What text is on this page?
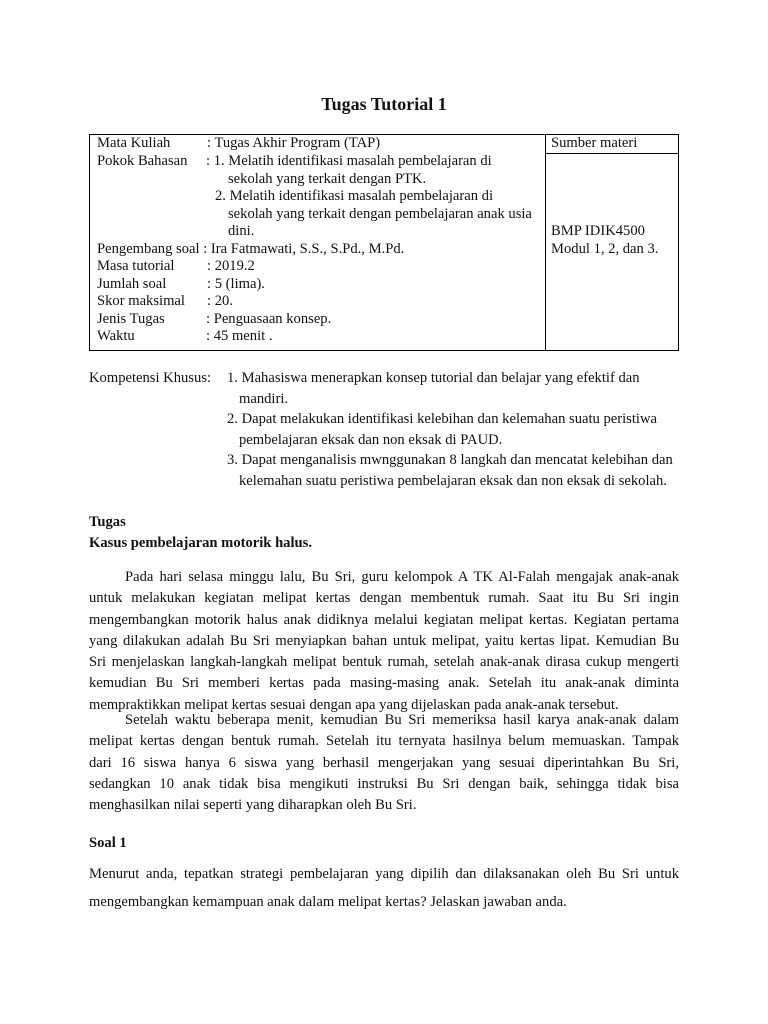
Tugas Tutorial 1
Mata Kuliah	: Tugas Akhir Program (TAP)
Pokok Bahasan : 1. Melatih identifikasi masalah pembelajaran di
sekolah yang terkait dengan PTK.
2. Melatih identifikasi masalah pembelajaran di
sekolah yang terkait dengan pembelajaran anak usia
dini.
Pengembang soal : Ira Fatmawati, S.S., S.Pd., M.Pd.
Masa tutorial : 2019.2
Jumlah soal	: 5 (lima).
Skor maksimal : 20.
Jenis Tugas	: Penguasaan konsep.
Waktu	: 45 menit .
Sumber materi
BMP IDIK4500
Modul 1, 2, dan 3.
Kompetensi Khusus: 1. Mahasiswa menerapkan konsep tutorial dan belajar yang efektif dan
mandiri.
2. Dapat melakukan identifikasi kelebihan dan kelemahan suatu peristiwa
pembelajaran eksak dan non eksak di PAUD.
3. Dapat menganalisis mwnggunakan 8 langkah dan mencatat kelebihan dan
kelemahan suatu peristiwa pembelajaran eksak dan non eksak di sekolah.
Tugas
Kasus pembelajaran motorik halus.
Pada hari selasa minggu lalu, Bu Sri, guru kelompok A TK Al-Falah mengajak anak-anak
untuk melakukan kegiatan melipat kertas dengan membentuk rumah. Saat itu Bu Sri ingin
mengembangkan motorik halus anak didiknya melalui kegiatan melipat kertas. Kegiatan pertama
yang dilakukan adalah Bu Sri menyiapkan bahan untuk melipat, yaitu kertas lipat. Kemudian Bu
Sri menjelaskan langkah-langkah melipat bentuk rumah, setelah anak-anak dirasa cukup mengerti
kemudian Bu Sri memberi kertas pada masing-masing anak. Setelah itu anak-anak diminta
mempraktikkan melipat kertas sesuai dengan apa yang dijelaskan pada anak-anak tersebut.
Setelah waktu beberapa menit, kemudian Bu Sri memeriksa hasil karya anak-anak dalam
melipat kertas dengan bentuk rumah. Setelah itu ternyata hasilnya belum memuaskan. Tampak
dari 16 siswa hanya 6 siswa yang berhasil mengerjakan yang sesuai diperintahkan Bu Sri,
sedangkan 10 anak tidak bisa mengikuti instruksi Bu Sri dengan baik, sehingga tidak bisa
menghasilkan nilai seperti yang diharapkan oleh Bu Sri.
Soal 1
Menurut anda, tepatkan strategi pembelajaran yang dipilih dan dilaksanakan oleh Bu Sri untuk
mengembangkan kemampuan anak dalam melipat kertas? Jelaskan jawaban anda.
